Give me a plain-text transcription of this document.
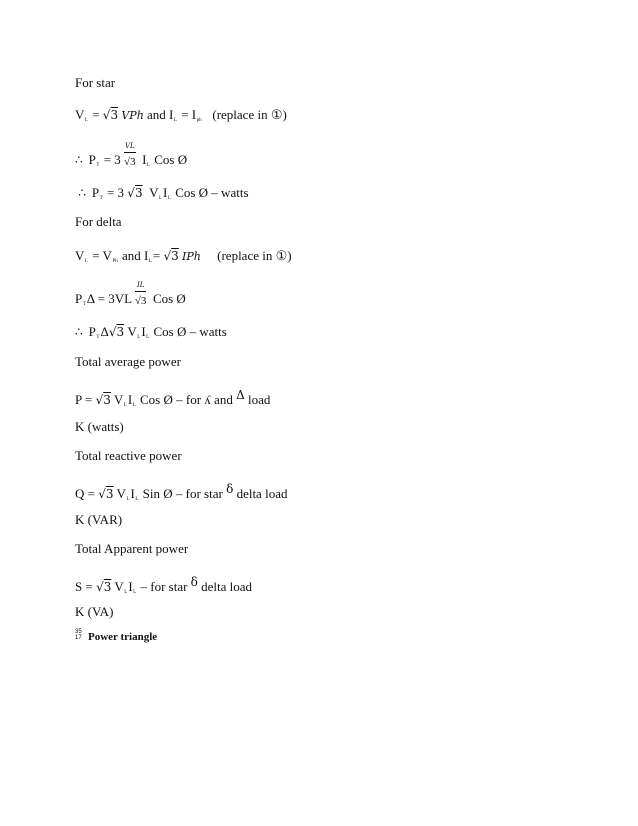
For star
$V_L = √3$ VPh and $I_L = I_{ph}$ (replace in ①)
∴ $P_T = 3 \frac{VL}{√3} I_L$ Cos Ø
∴ $P_T = 3$ √3 $V_LI_L$ Cos Ø – watts
For delta
$V_L = V_{Ph}$ and $I_L= √3$ IPh (replace in ①)
$P_T\Delta = 3VL \frac{IL}{√3}$ Cos Ø
∴ $P_T\Delta√3$ $V_LI_L$ Cos Ø – watts
Total average power
P = √3 $V_LI_L$ Cos Ø – for ʎ and Δ load
K (watts)
Total reactive power
Q = √3 $V_LI_L$ Sin Ø – for star δ delta load
K (VAR)
Total Apparent power
S = √3 $V_LI_L$ – for star δ delta load
K (VA)
35
17 Power triangle
